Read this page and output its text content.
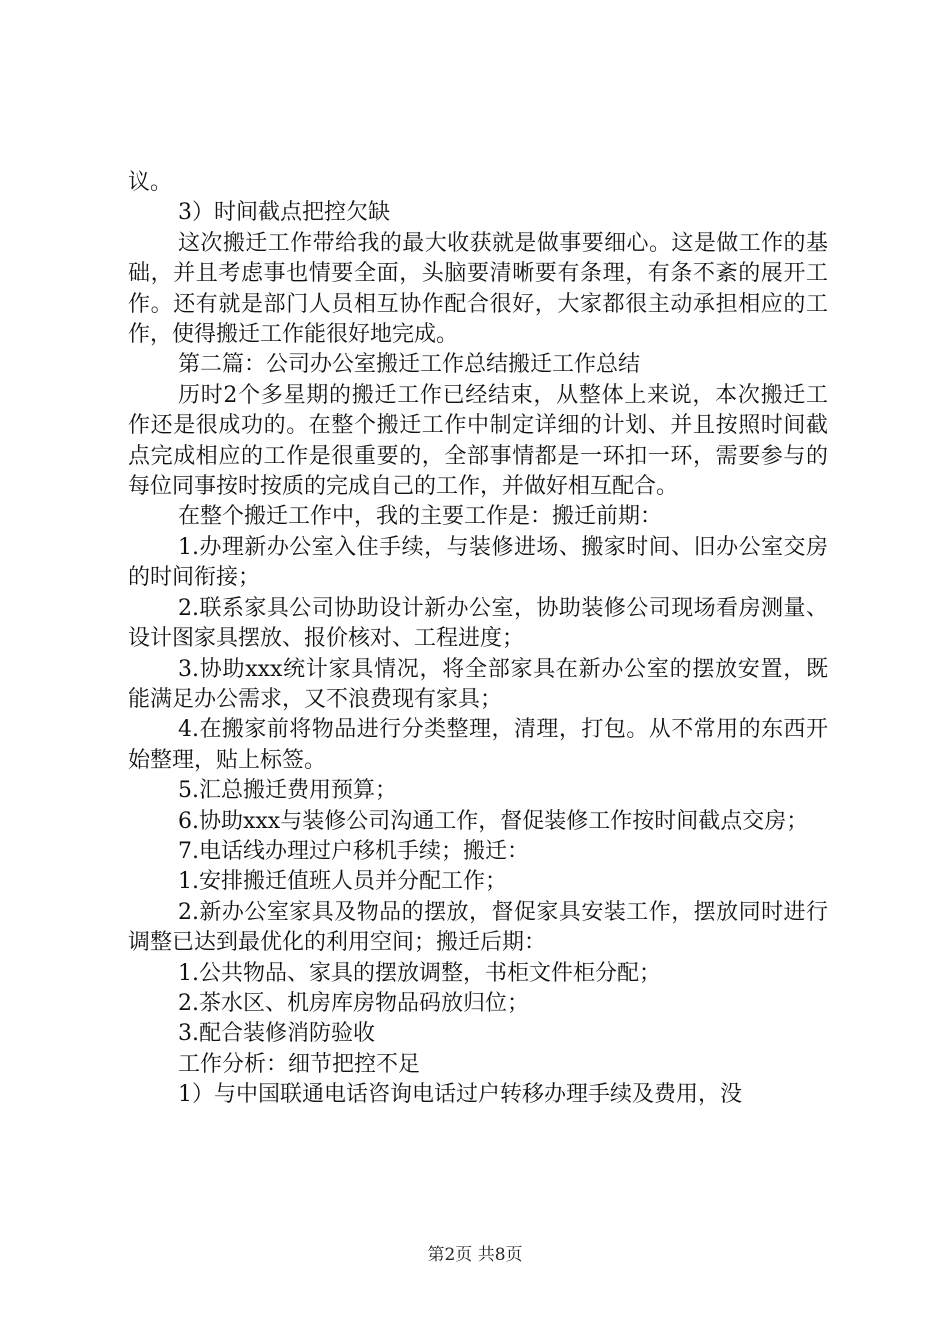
议。

3）时间截点把控欠缺

这次搬迁工作带给我的最大收获就是做事要细心。这是做工作的基础，并且考虑事也情要全面，头脑要清晰要有条理，有条不紊的展开工作。还有就是部门人员相互协作配合很好，大家都很主动承担相应的工作，使得搬迁工作能很好地完成。

第二篇：公司办公室搬迁工作总结搬迁工作总结

历时2个多星期的搬迁工作已经结束，从整体上来说，本次搬迁工作还是很成功的。在整个搬迁工作中制定详细的计划、并且按照时间截点完成相应的工作是很重要的，全部事情都是一环扣一环，需要参与的每位同事按时按质的完成自己的工作，并做好相互配合。

在整个搬迁工作中，我的主要工作是：搬迁前期：

1.办理新办公室入住手续，与装修进场、搬家时间、旧办公室交房的时间衔接；

2.联系家具公司协助设计新办公室，协助装修公司现场看房测量、设计图家具摆放、报价核对、工程进度；

3.协助xxx统计家具情况，将全部家具在新办公室的摆放安置，既能满足办公需求，又不浪费现有家具；

4.在搬家前将物品进行分类整理，清理，打包。从不常用的东西开始整理，贴上标签。

5.汇总搬迁费用预算；

6.协助xxx与装修公司沟通工作，督促装修工作按时间截点交房；

7.电话线办理过户移机手续；搬迁：

1.安排搬迁值班人员并分配工作；

2.新办公室家具及物品的摆放，督促家具安装工作，摆放同时进行调整已达到最优化的利用空间；搬迁后期：

1.公共物品、家具的摆放调整，书柜文件柜分配；

2.茶水区、机房库房物品码放归位；

3.配合装修消防验收

工作分析：细节把控不足

1）与中国联通电话咨询电话过户转移办理手续及费用，没

第2页 共8页
